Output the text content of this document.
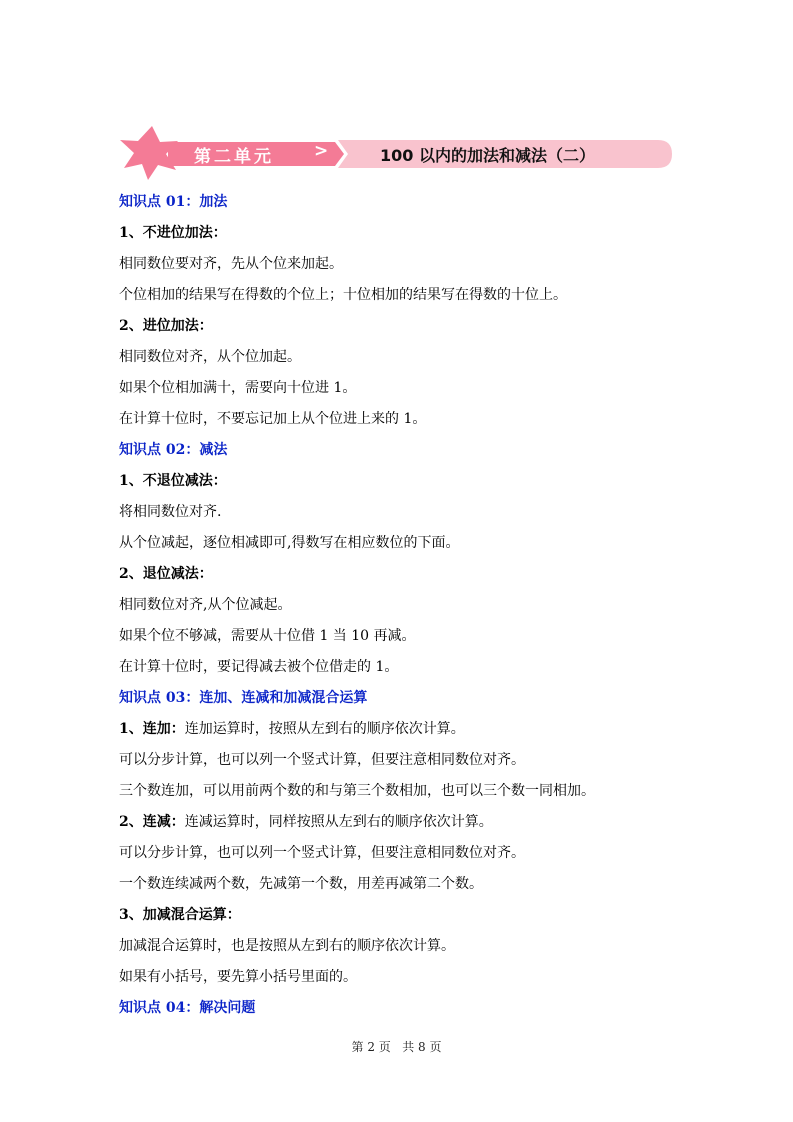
第二单元	>	100 以内的加法和减法（二）
知识点 01：加法
1、不进位加法：
相同数位要对齐，先从个位来加起。
个位相加的结果写在得数的个位上；十位相加的结果写在得数的十位上。
2、进位加法：
相同数位对齐，从个位加起。
如果个位相加满十，需要向十位进 1。
在计算十位时，不要忘记加上从个位进上来的 1。
知识点 02：减法
1、不退位减法：
将相同数位对齐.
从个位减起，逐位相减即可,得数写在相应数位的下面。
2、退位减法：
相同数位对齐,从个位减起。
如果个位不够减，需要从十位借 1 当 10 再减。
在计算十位时，要记得减去被个位借走的 1。
知识点 03：连加、连减和加减混合运算
1、连加：连加运算时，按照从左到右的顺序依次计算。
可以分步计算，也可以列一个竖式计算，但要注意相同数位对齐。
三个数连加，可以用前两个数的和与第三个数相加，也可以三个数一同相加。
2、连减：连减运算时，同样按照从左到右的顺序依次计算。
可以分步计算，也可以列一个竖式计算，但要注意相同数位对齐。
一个数连续减两个数，先减第一个数，用差再减第二个数。
3、加减混合运算：
加减混合运算时，也是按照从左到右的顺序依次计算。
如果有小括号，要先算小括号里面的。
知识点 04：解决问题
第 2 页   共 8 页
